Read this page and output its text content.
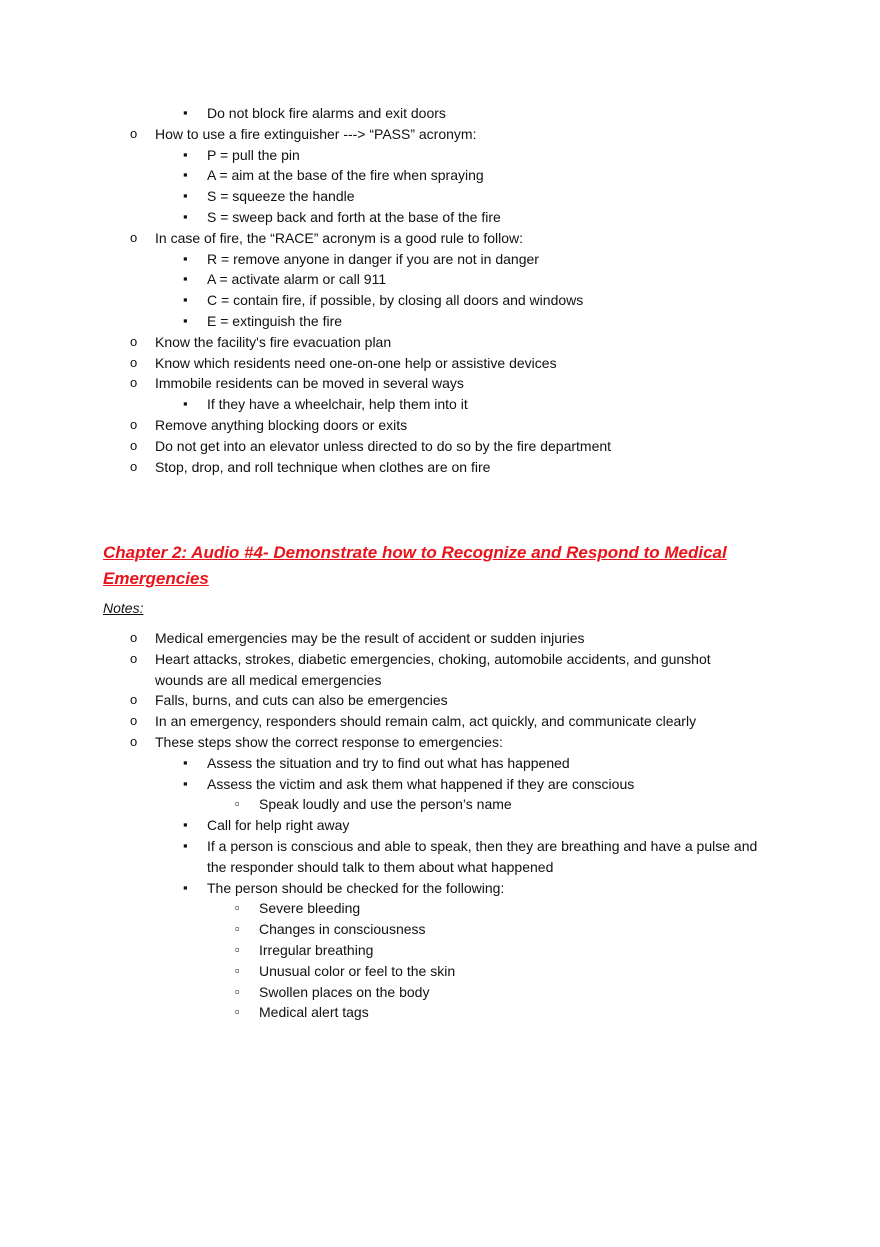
▪ Do not block fire alarms and exit doors
o How to use a fire extinguisher ---> “PASS” acronym:
▪ P = pull the pin
▪ A = aim at the base of the fire when spraying
▪ S = squeeze the handle
▪ S = sweep back and forth at the base of the fire
o In case of fire, the “RACE” acronym is a good rule to follow:
▪ R = remove anyone in danger if you are not in danger
▪ A = activate alarm or call 911
▪ C = contain fire, if possible, by closing all doors and windows
▪ E = extinguish the fire
o Know the facility's fire evacuation plan
o Know which residents need one-on-one help or assistive devices
o Immobile residents can be moved in several ways
▪ If they have a wheelchair, help them into it
o Remove anything blocking doors or exits
o Do not get into an elevator unless directed to do so by the fire department
o Stop, drop, and roll technique when clothes are on fire
Chapter 2: Audio #4- Demonstrate how to Recognize and Respond to Medical
Emergencies
Notes:
o Medical emergencies may be the result of accident or sudden injuries
o Heart attacks, strokes, diabetic emergencies, choking, automobile accidents, and gunshot
wounds are all medical emergencies
o Falls, burns, and cuts can also be emergencies
o In an emergency, responders should remain calm, act quickly, and communicate clearly
o These steps show the correct response to emergencies:
▪ Assess the situation and try to find out what has happened
▪ Assess the victim and ask them what happened if they are conscious
▫ Speak loudly and use the person’s name
▪ Call for help right away
▪ If a person is conscious and able to speak, then they are breathing and have a pulse and
the responder should talk to them about what happened
▪ The person should be checked for the following:
▫ Severe bleeding
▫ Changes in consciousness
▫ Irregular breathing
▫ Unusual color or feel to the skin
▫ Swollen places on the body
▫ Medical alert tags
